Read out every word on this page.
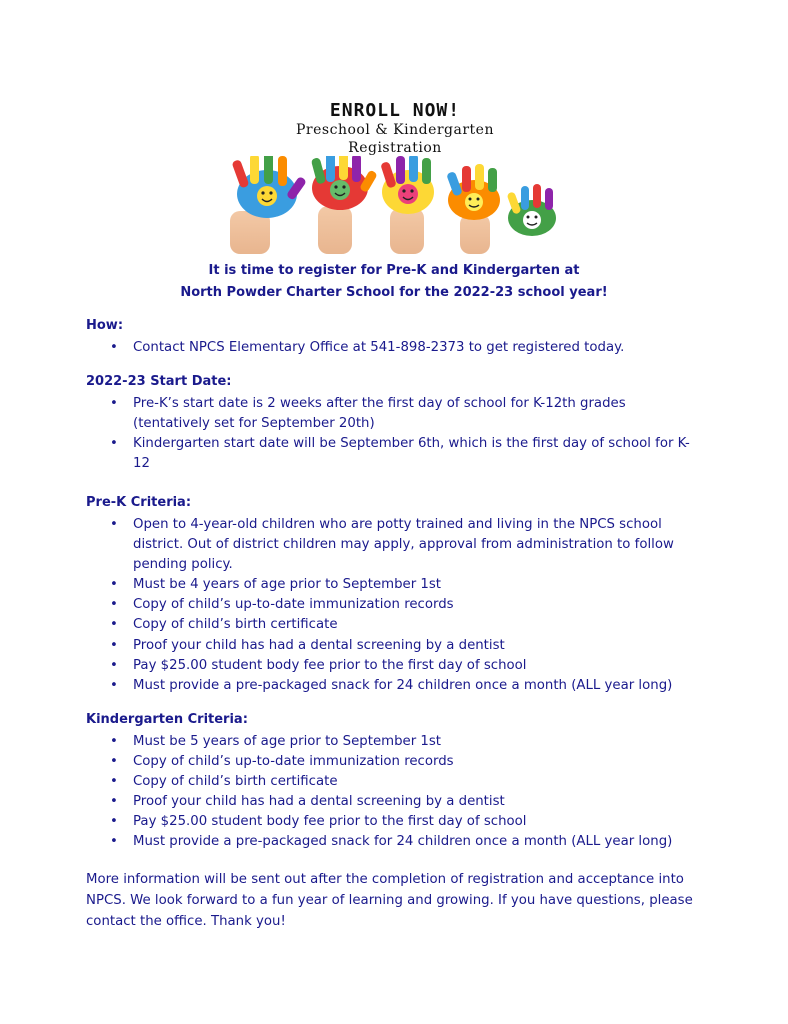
ENROLL NOW!
Preschool & Kindergarten
Registration
It is time to register for Pre-K and Kindergarten at
North Powder Charter School for the 2022-23 school year!
How:
• Contact NPCS Elementary Office at 541-898-2373 to get registered today.
2022-23 Start Date:
• Pre-K’s start date is 2 weeks after the first day of school for K-12th grades (tentatively set for September 20th)
• Kindergarten start date will be September 6th, which is the first day of school for K-12
Pre-K Criteria:
• Open to 4-year-old children who are potty trained and living in the NPCS school district. Out of district children may apply, approval from administration to follow pending policy.
• Must be 4 years of age prior to September 1st
• Copy of child’s up-to-date immunization records
• Copy of child’s birth certificate
• Proof your child has had a dental screening by a dentist
• Pay $25.00 student body fee prior to the first day of school
• Must provide a pre-packaged snack for 24 children once a month (ALL year long)
Kindergarten Criteria:
• Must be 5 years of age prior to September 1st
• Copy of child’s up-to-date immunization records
• Copy of child’s birth certificate
• Proof your child has had a dental screening by a dentist
• Pay $25.00 student body fee prior to the first day of school
• Must provide a pre-packaged snack for 24 children once a month (ALL year long)
More information will be sent out after the completion of registration and acceptance into NPCS. We look forward to a fun year of learning and growing. If you have questions, please contact the office. Thank you!
